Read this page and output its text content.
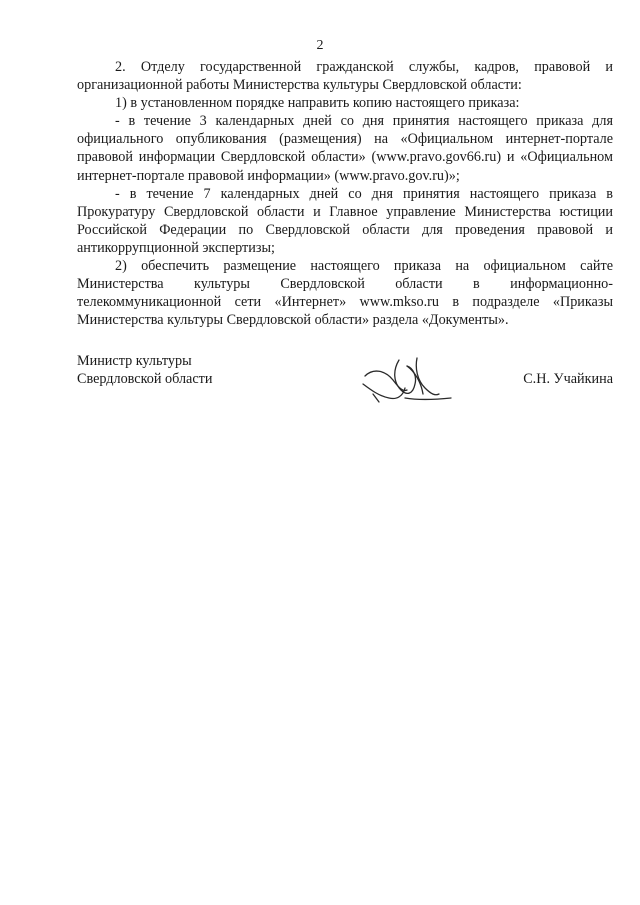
2

2. Отделу государственной гражданской службы, кадров, правовой и организационной работы Министерства культуры Свердловской области:

1) в установленном порядке направить копию настоящего приказа:

- в течение 3 календарных дней со дня принятия настоящего приказа для официального опубликования (размещения) на «Официальном интернет-портале правовой информации Свердловской области» (www.pravo.gov66.ru) и «Официальном интернет-портале правовой информации» (www.pravo.gov.ru)»;

- в течение 7 календарных дней со дня принятия настоящего приказа в Прокуратуру Свердловской области и Главное управление Министерства юстиции Российской Федерации по Свердловской области для проведения правовой и антикоррупционной экспертизы;

2) обеспечить размещение настоящего приказа на официальном сайте Министерства культуры Свердловской области в информационно-телекоммуникационной сети «Интернет» www.mkso.ru в подразделе «Приказы Министерства культуры Свердловской области» раздела «Документы».

Министр культуры
Свердловской области	С.Н. Учайкина
